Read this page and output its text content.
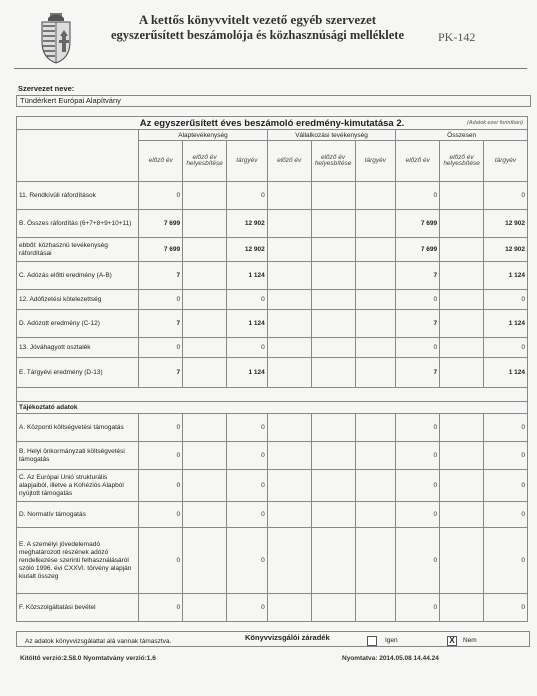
A kettős könyvvitelt vezető egyéb szervezet
egyszerűsített beszámolója és közhasznúsági melléklete	PK-142
Szervezet neve:
Tündérkert Európai Alapítvány
Az egyszerűsített éves beszámoló eredmény-kimutatása 2. (Adatok ezer forintban)									

	Alaptevékenység			Vállalkozási tevékenység			Összesen		
	előző év	előző év helyesbítése	tárgyév	előző év	előző év helyesbítése	tárgyév	előző év	előző év helyesbítése	tárgyév
11. Rendkívüli ráfordítások	0		0				0		0
B. Összes ráfordítás (6+7+8+9+10+11)	7 699		12 902				7 699		12 902
ebből: közhasznú tevékenység ráfordításai	7 699		12 902				7 699		12 902
C. Adózás előtti eredmény (A-B)	7		1 124				7		1 124
12. Adófizetési kötelezettség	0		0				0		0
D. Adózott eredmény (C-12)	7		1 124				7		1 124
13. Jóváhagyott osztalék	0		0				0		0
E. Tárgyévi eredmény (D-13)	7		1 124				7		1 124

Tájékoztató adatok									
A. Központi költségvetési támogatás	0		0				0		0
B. Helyi önkormányzati költségvetési támogatás	0		0				0		0
C. Az Európai Unió strukturális alapjaiból, illetve a Kohéziós Alapból nyújtott támogatás	0		0				0		0
D. Normatív támogatás	0		0				0		0
E. A személyi jövedelemadó meghatározott részének adózó rendelkezése szerinti felhasználásáról szóló 1996. évi CXXVI. törvény alapján kiutalt összeg	0		0				0		0
F. Közszolgáltatási bevétel	0		0				0		0
Az adatok könyvvizsgálattal alá vannak támasztva.	Könyvvizsgálói záradék	Igen	X	Nem
Kitöltő verzió:2.58.0 Nyomtatvány verzió:1.6	Nyomtatva: 2014.05.08 14.44.24
